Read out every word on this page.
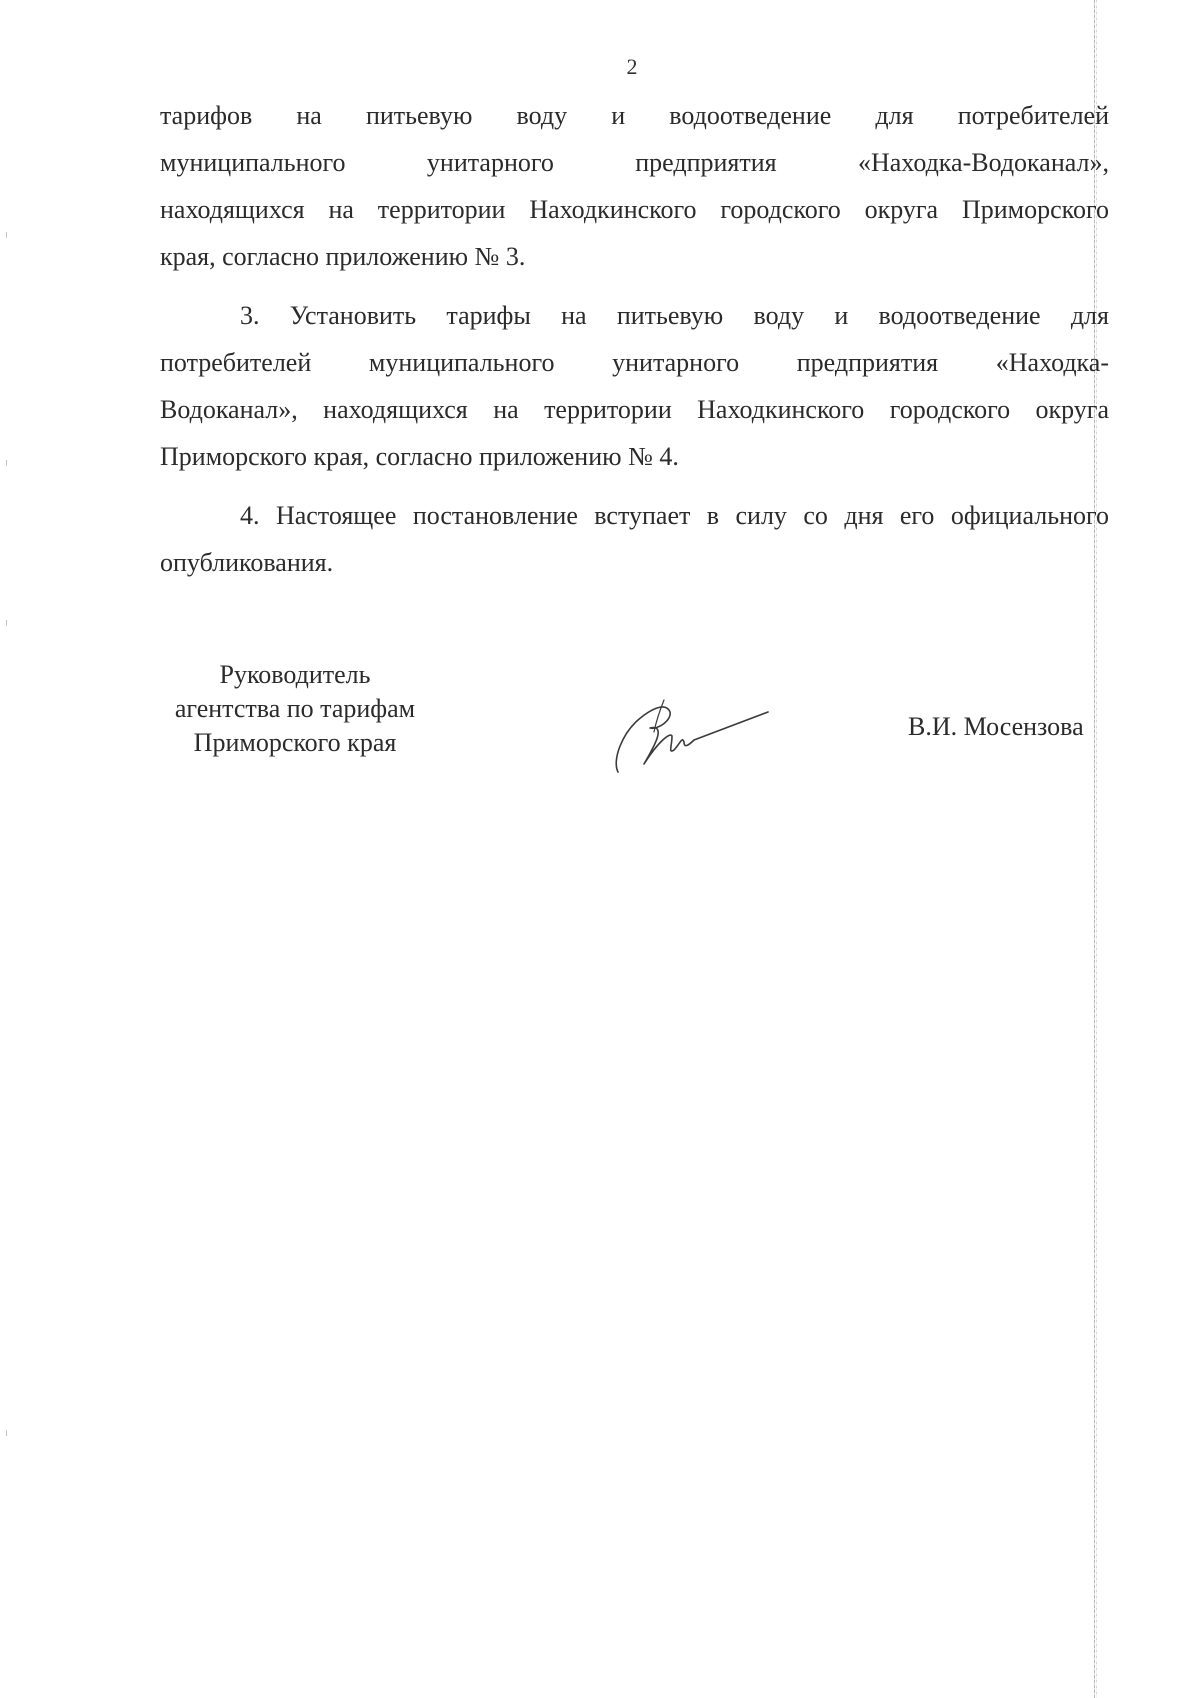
2
тарифов на питьевую воду и водоотведение для потребителей
муниципального унитарного предприятия «Находка-Водоканал»,
находящихся на территории Находкинского городского округа Приморского
края, согласно приложению № 3.
3. Установить тарифы на питьевую воду и водоотведение для
потребителей муниципального унитарного предприятия «Находка-
Водоканал», находящихся на территории Находкинского городского округа
Приморского края, согласно приложению № 4.
4. Настоящее постановление вступает в силу со дня его официального
опубликования.
Руководитель
агентства по тарифам
Приморского края
В.И. Мосензова
